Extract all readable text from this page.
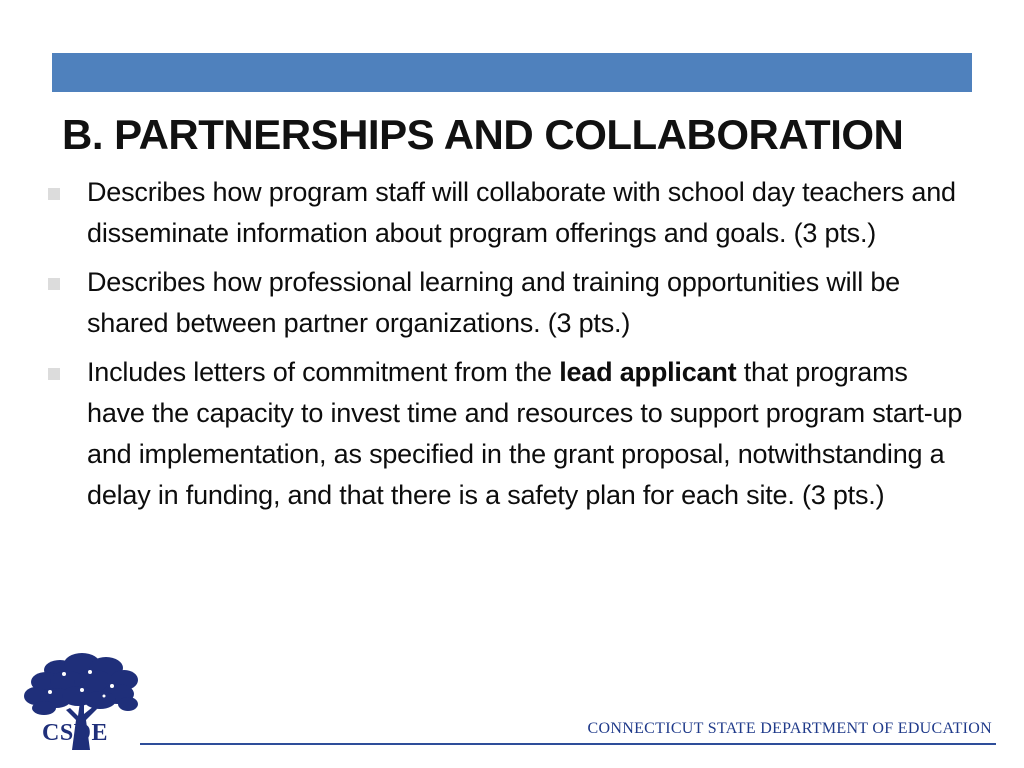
B. PARTNERSHIPS AND COLLABORATION
Describes how program staff will collaborate with school day teachers and disseminate information about program offerings and goals. (3 pts.)
Describes how professional learning and training opportunities will be shared between partner organizations. (3 pts.)
Includes letters of commitment from the lead applicant that programs have the capacity to invest time and resources to support program start-up and implementation, as specified in the grant proposal, notwithstanding a delay in funding, and that there is a safety plan for each site. (3 pts.)
CSDE	CONNECTICUT STATE DEPARTMENT OF EDUCATION
